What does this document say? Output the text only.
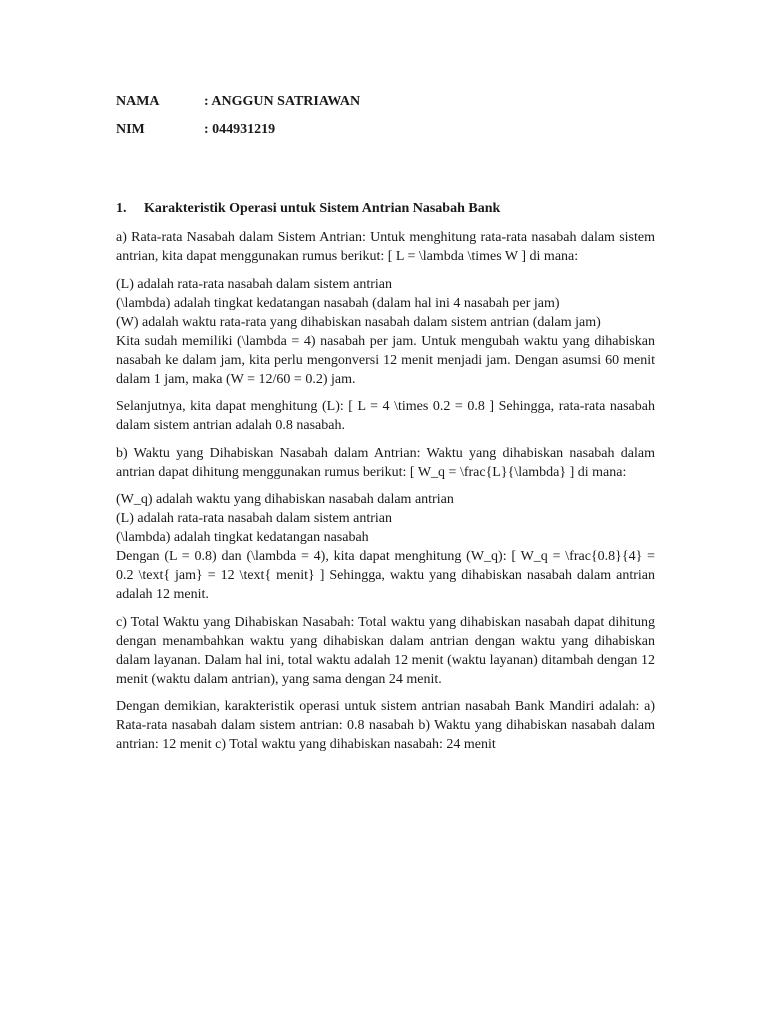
NAMA	: ANGGUN SATRIAWAN
NIM	: 044931219
1. Karakteristik Operasi untuk Sistem Antrian Nasabah Bank
a) Rata-rata Nasabah dalam Sistem Antrian: Untuk menghitung rata-rata nasabah dalam sistem antrian, kita dapat menggunakan rumus berikut: [ L = \lambda \times W ] di mana:
(L) adalah rata-rata nasabah dalam sistem antrian
(\lambda) adalah tingkat kedatangan nasabah (dalam hal ini 4 nasabah per jam)
(W) adalah waktu rata-rata yang dihabiskan nasabah dalam sistem antrian (dalam jam)
Kita sudah memiliki (\lambda = 4) nasabah per jam. Untuk mengubah waktu yang dihabiskan nasabah ke dalam jam, kita perlu mengonversi 12 menit menjadi jam. Dengan asumsi 60 menit dalam 1 jam, maka (W = 12/60 = 0.2) jam.
Selanjutnya, kita dapat menghitung (L): [ L = 4 \times 0.2 = 0.8 ] Sehingga, rata-rata nasabah dalam sistem antrian adalah 0.8 nasabah.
b) Waktu yang Dihabiskan Nasabah dalam Antrian: Waktu yang dihabiskan nasabah dalam antrian dapat dihitung menggunakan rumus berikut: [ W_q = \frac{L}{\lambda} ] di mana:
(W_q) adalah waktu yang dihabiskan nasabah dalam antrian
(L) adalah rata-rata nasabah dalam sistem antrian
(\lambda) adalah tingkat kedatangan nasabah
Dengan (L = 0.8) dan (\lambda = 4), kita dapat menghitung (W_q): [ W_q = \frac{0.8}{4} = 0.2 \text{ jam} = 12 \text{ menit} ] Sehingga, waktu yang dihabiskan nasabah dalam antrian adalah 12 menit.
c) Total Waktu yang Dihabiskan Nasabah: Total waktu yang dihabiskan nasabah dapat dihitung dengan menambahkan waktu yang dihabiskan dalam antrian dengan waktu yang dihabiskan dalam layanan. Dalam hal ini, total waktu adalah 12 menit (waktu layanan) ditambah dengan 12 menit (waktu dalam antrian), yang sama dengan 24 menit.
Dengan demikian, karakteristik operasi untuk sistem antrian nasabah Bank Mandiri adalah: a) Rata-rata nasabah dalam sistem antrian: 0.8 nasabah b) Waktu yang dihabiskan nasabah dalam antrian: 12 menit c) Total waktu yang dihabiskan nasabah: 24 menit
